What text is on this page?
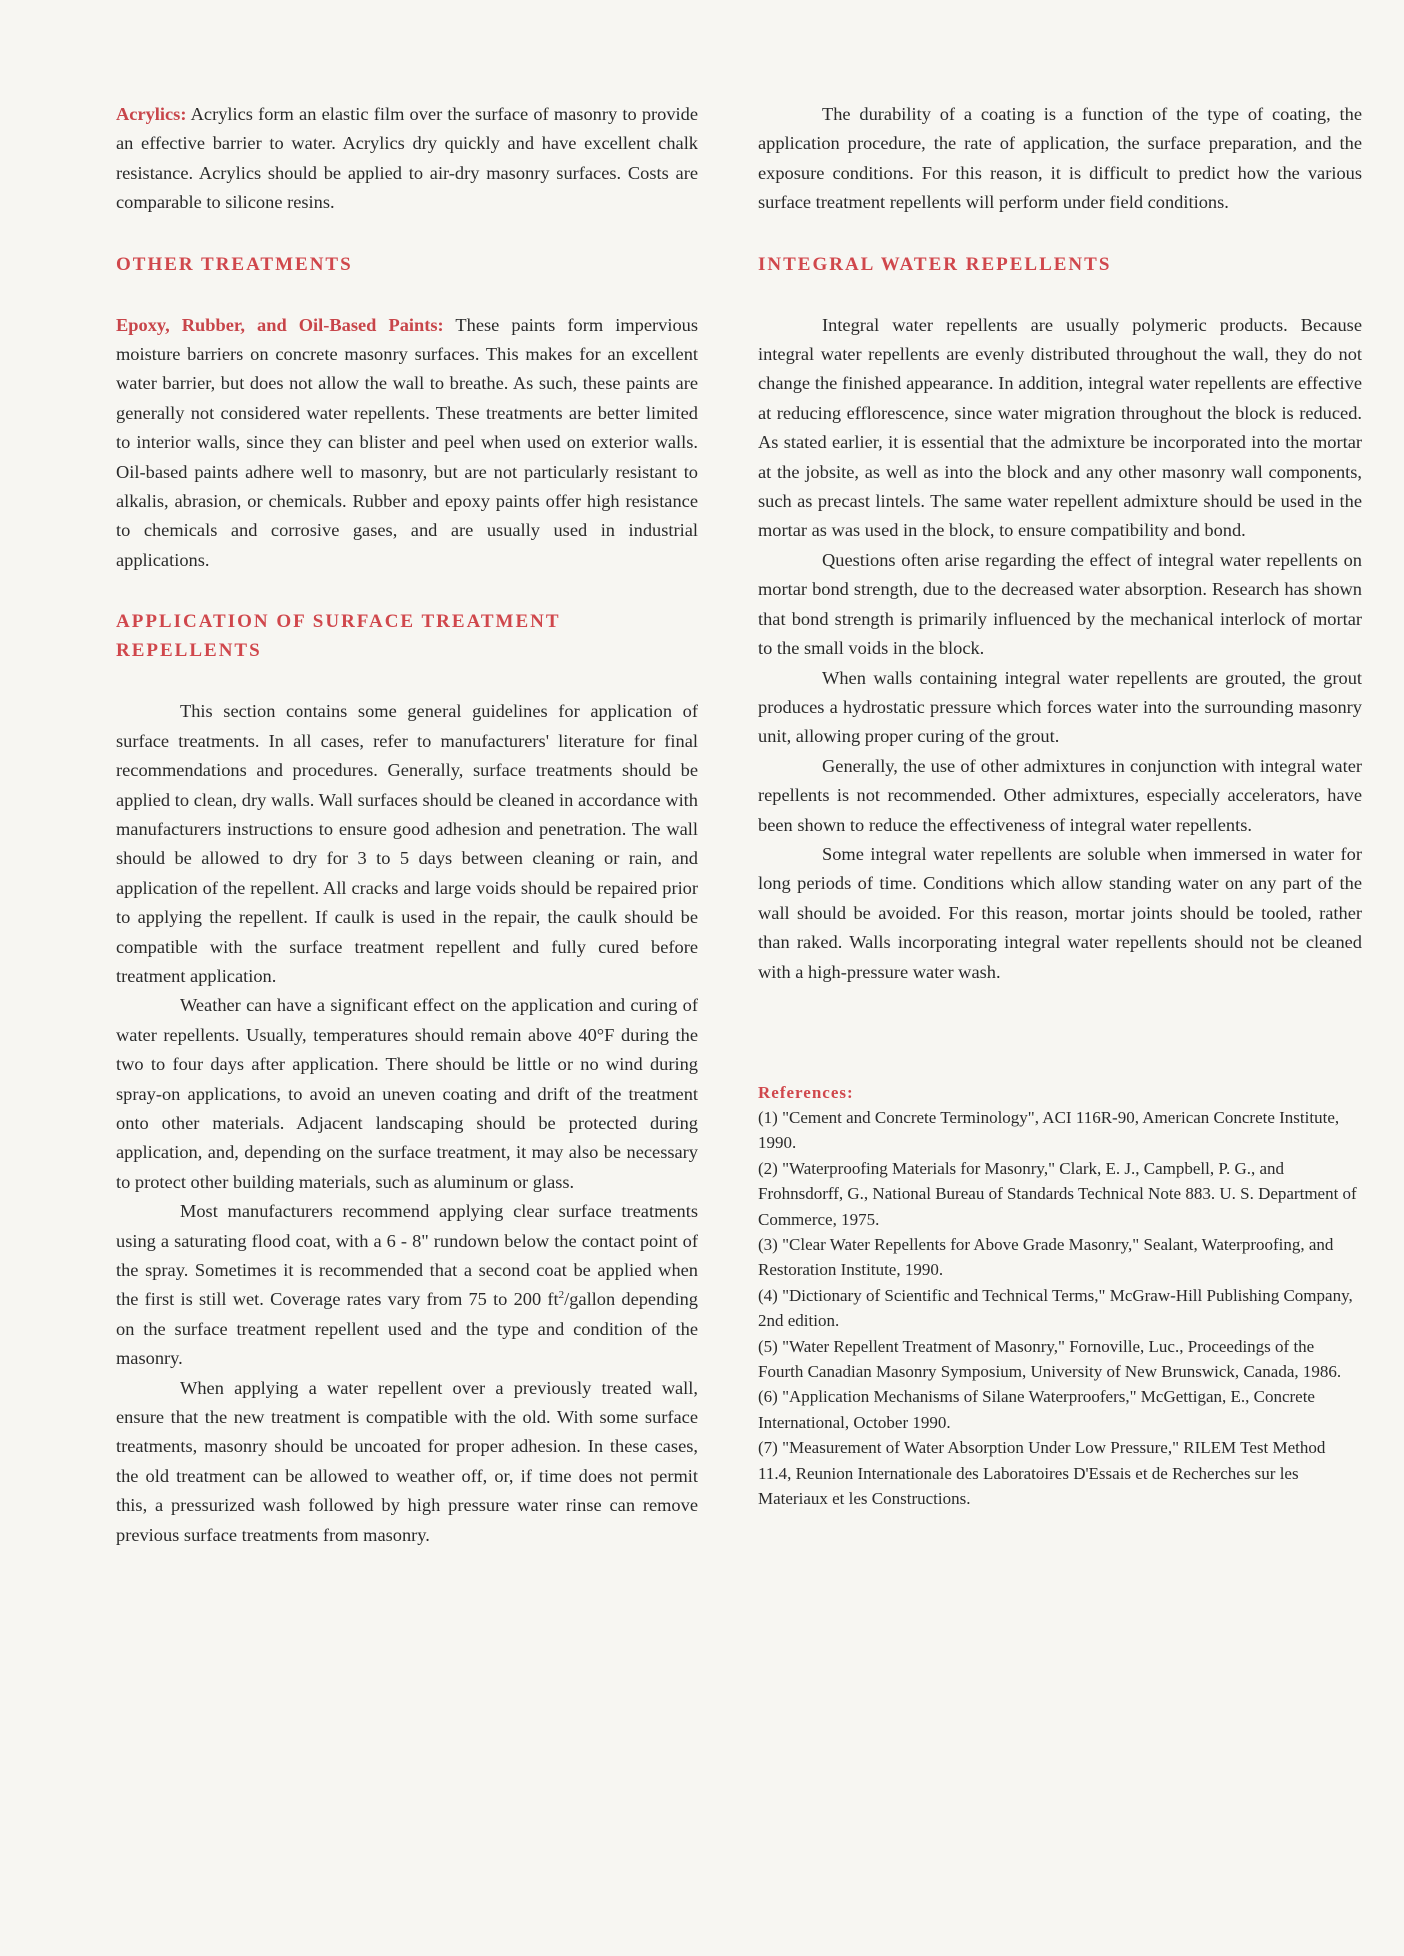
Acrylics: Acrylics form an elastic film over the surface of masonry to provide an effective barrier to water. Acrylics dry quickly and have excellent chalk resistance. Acrylics should be applied to air-dry masonry surfaces. Costs are comparable to silicone resins.

OTHER TREATMENTS

Epoxy, Rubber, and Oil-Based Paints: These paints form impervious moisture barriers on concrete masonry surfaces. This makes for an excellent water barrier, but does not allow the wall to breathe. As such, these paints are generally not considered water repellents. These treatments are better limited to interior walls, since they can blister and peel when used on exterior walls. Oil-based paints adhere well to masonry, but are not particularly resistant to alkalis, abrasion, or chemicals. Rubber and epoxy paints offer high resistance to chemicals and corrosive gases, and are usually used in industrial applications.

APPLICATION OF SURFACE TREATMENT
REPELLENTS

This section contains some general guidelines for application of surface treatments. In all cases, refer to manufacturers' literature for final recommendations and procedures. Generally, surface treatments should be applied to clean, dry walls. Wall surfaces should be cleaned in accordance with manufacturers instructions to ensure good adhesion and penetration. The wall should be allowed to dry for 3 to 5 days between cleaning or rain, and application of the repellent. All cracks and large voids should be repaired prior to applying the repellent. If caulk is used in the repair, the caulk should be compatible with the surface treatment repellent and fully cured before treatment application.

Weather can have a significant effect on the application and curing of water repellents. Usually, temperatures should remain above 40°F during the two to four days after application. There should be little or no wind during spray-on applications, to avoid an uneven coating and drift of the treatment onto other materials. Adjacent landscaping should be protected during application, and, depending on the surface treatment, it may also be necessary to protect other building materials, such as aluminum or glass.

Most manufacturers recommend applying clear surface treatments using a saturating flood coat, with a 6 - 8" rundown below the contact point of the spray. Sometimes it is recommended that a second coat be applied when the first is still wet. Coverage rates vary from 75 to 200 $ft^2$/gallon depending on the surface treatment repellent used and the type and condition of the masonry.

When applying a water repellent over a previously treated wall, ensure that the new treatment is compatible with the old. With some surface treatments, masonry should be uncoated for proper adhesion. In these cases, the old treatment can be allowed to weather off, or, if time does not permit this, a pressurized wash followed by high pressure water rinse can remove previous surface treatments from masonry.

The durability of a coating is a function of the type of coating, the application procedure, the rate of application, the surface preparation, and the exposure conditions. For this reason, it is difficult to predict how the various surface treatment repellents will perform under field conditions.

INTEGRAL WATER REPELLENTS

Integral water repellents are usually polymeric products. Because integral water repellents are evenly distributed throughout the wall, they do not change the finished appearance. In addition, integral water repellents are effective at reducing efflorescence, since water migration throughout the block is reduced. As stated earlier, it is essential that the admixture be incorporated into the mortar at the jobsite, as well as into the block and any other masonry wall components, such as precast lintels. The same water repellent admixture should be used in the mortar as was used in the block, to ensure compatibility and bond.

Questions often arise regarding the effect of integral water repellents on mortar bond strength, due to the decreased water absorption. Research has shown that bond strength is primarily influenced by the mechanical interlock of mortar to the small voids in the block.

When walls containing integral water repellents are grouted, the grout produces a hydrostatic pressure which forces water into the surrounding masonry unit, allowing proper curing of the grout.

Generally, the use of other admixtures in conjunction with integral water repellents is not recommended. Other admixtures, especially accelerators, have been shown to reduce the effectiveness of integral water repellents.

Some integral water repellents are soluble when immersed in water for long periods of time. Conditions which allow standing water on any part of the wall should be avoided. For this reason, mortar joints should be tooled, rather than raked. Walls incorporating integral water repellents should not be cleaned with a high-pressure water wash.

References:

(1) "Cement and Concrete Terminology", ACI 116R-90, American Concrete Institute, 1990.

(2) "Waterproofing Materials for Masonry," Clark, E. J., Campbell, P. G., and Frohnsdorff, G., National Bureau of Standards Technical Note 883. U. S. Department of Commerce, 1975.

(3) "Clear Water Repellents for Above Grade Masonry," Sealant, Waterproofing, and Restoration Institute, 1990.

(4) "Dictionary of Scientific and Technical Terms," McGraw-Hill Publishing Company, 2nd edition.

(5) "Water Repellent Treatment of Masonry," Fornoville, Luc., Proceedings of the Fourth Canadian Masonry Symposium, University of New Brunswick, Canada, 1986.

(6) "Application Mechanisms of Silane Waterproofers," McGettigan, E., Concrete International, October 1990.

(7) "Measurement of Water Absorption Under Low Pressure," RILEM Test Method 11.4, Reunion Internationale des Laboratoires D'Essais et de Recherches sur les Materiaux et les Constructions.
